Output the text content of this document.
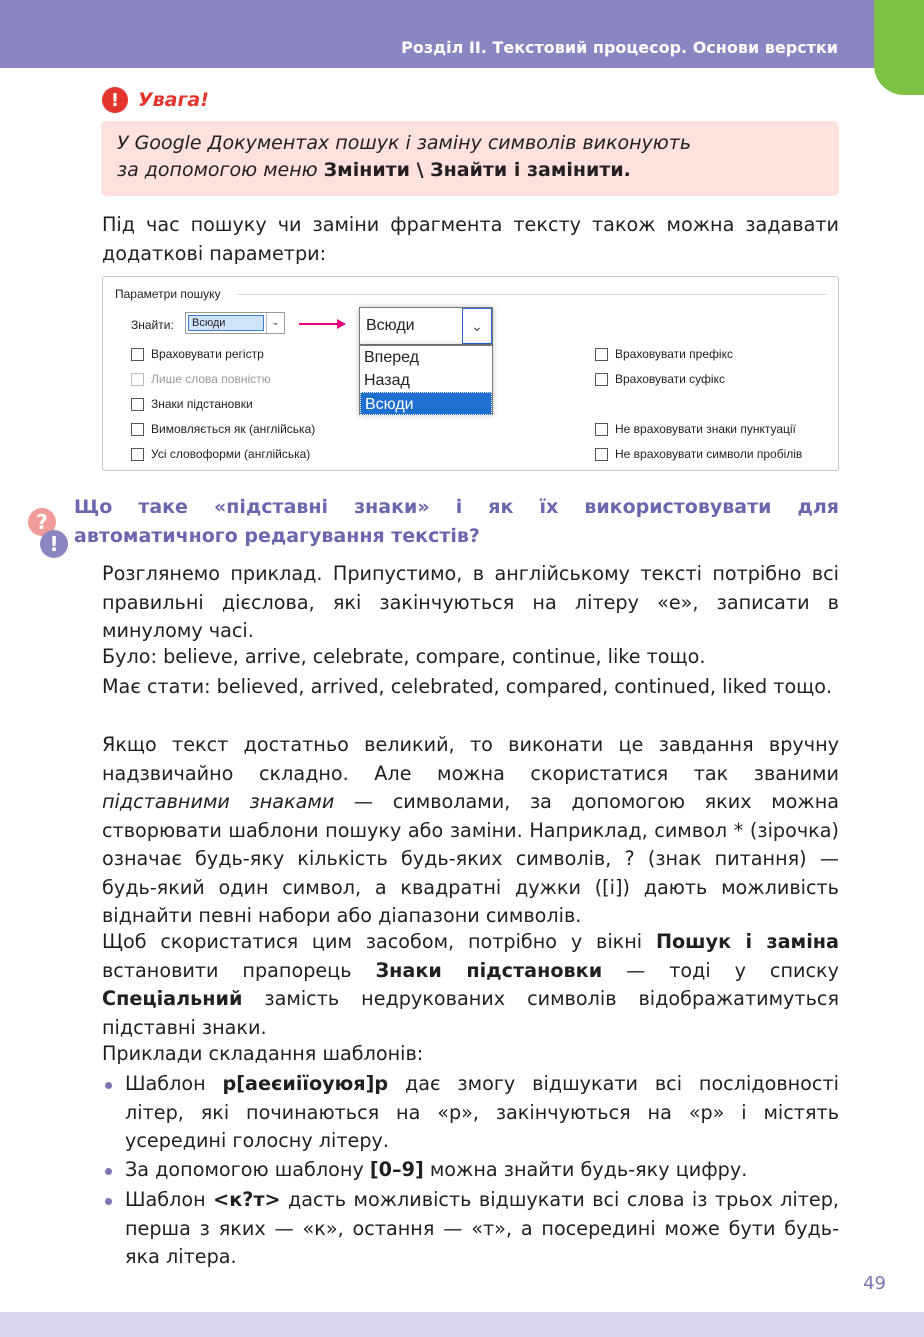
Розділ ІІ. Текстовий процесор. Основи верстки
! Увага!
У Google Документах пошук і заміну символів виконують
за допомогою меню Змінити \ Знайти і замінити.
Під час пошуку чи заміни фрагмента тексту також можна задавати додаткові параметри:
Параметри пошуку
Знайти:	Всюди	⌄	Всюди	⌄
Вперед
Назад
Всюди
Враховувати регістр
Лише слова повністю
Знаки підстановки
Вимовляється як (англійська)
Усі словоформи (англійська)
Враховувати префікс
Враховувати суфікс
Не враховувати знаки пунктуації
Не враховувати символи пробілів
?
!
Що таке «підставні знаки» і як їх використовувати для автоматичного редагування текстів?
Розглянемо приклад. Припустимо, в англійському тексті потрібно всі правильні дієслова, які закінчуються на літеру «e», записати в минулому часі.
Було: believe, arrive, celebrate, compare, continue, like тощо.
Має стати: believed, arrived, celebrated, compared, continued, liked тощо.
Якщо текст достатньо великий, то виконати це завдання вручну надзвичайно складно. Але можна скористатися так званими підставними знаками — символами, за допомогою яких можна створювати шаблони пошуку або заміни. Наприклад, символ * (зірочка) означає будь-яку кількість будь-яких символів, ? (знак питання) — будь-який один символ, а квадратні дужки ([і]) дають можливість віднайти певні набори або діапазони символів.
Щоб скористатися цим засобом, потрібно у вікні Пошук і заміна встановити прапорець Знаки підстановки — тоді у списку Спеціальний замість недрукованих символів відображатимуться підставні знаки.
Приклади складання шаблонів:
Шаблон р[аеєиіїоуюя]р дає змогу відшукати всі послідовності літер, які починаються на «р», закінчуються на «р» і містять усередині голосну літеру.
За допомогою шаблону [0–9] можна знайти будь-яку цифру.
Шаблон <к?т> дасть можливість відшукати всі слова із трьох літер, перша з яких — «к», остання — «т», а посередині може бути будь-яка літера.
49
